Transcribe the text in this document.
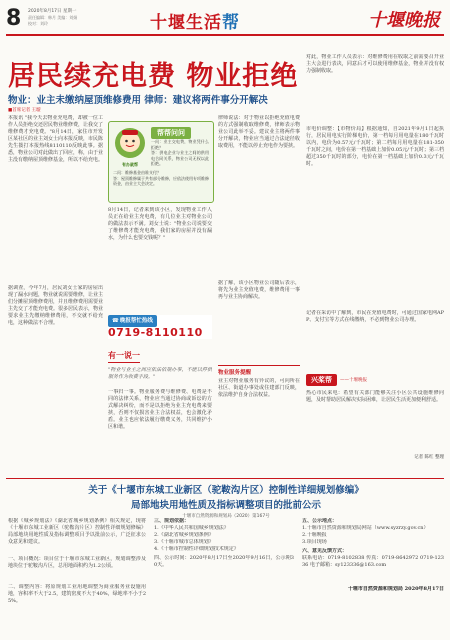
8 2020年8月17日 星期一
责任编辑：韩月 美编：刘娟
校对：刘玲	十堰生活帮	十堰晚报
居民续充电费 物业拒绝
物业：业主未缴纳屋顶维修费用 律师：建议将两件事分开解决
■首席记者 王璇
本报讯 "我今天去物业充电费，却被一位工作人员拒绝交还居民物业维修费，让我交了维修费才充电费。"8月14日，家住市开发区某社区的业主刘女士向本报反映，市民陈先生拨打本报热线8110110反映此事。据悉，物业公司对此做出了回应，称，由于业主没有缴纳屋顶维修基金，所以不给充电。
据调查，今年7月，居民刘女士家的房屋出现了漏水问题，物业就说需要维修，让业主们分摊屋顶维修费用，并且维修费用需要业主先交了才能充电费。很多居民表示，物业要求业主先缴纳维修费用，不交就不给充电，这种做法不合理。
有办就帮
帮帮问问
一问：业主交电费，物业凭什么拒绝？
答：供电企业与业主之间的供用电合同关系，物业公司无权以此拒绝。
二问：维修基金由谁支付？
答：屋顶维修属于共有部分维修，应依法使用专项维修资金，由业主大会决定。
8月14日，记者来到该小区，发现物业工作人员正在给业主充电费，有几位业主对物业公司的做法表示不满。刘女士说："物业公司说要交了维修费才能充电费，我们家的房屋并没有漏水，为什么也要交钱呢？"
☎晚报帮忙热线
0719-8110110
有一说一
"物业与业主之间应依法依规办事，不能以停供服务作为收费手段。"
一事归一事。物业服务费与维修费、电费是不同的法律关系，物业应当通过协商或诉讼的方式解决纠纷，而不是以拒绝为业主充电费来要挟，否则不仅损害业主合法权益，也会激化矛盾。业主也应依法履行缴费义务，共同维护小区和谐。
律师说法：对于物业以拒绝充值电费的方式强制收取维修费，律师表示物业公司此举不妥。建议业主将两件事分开解决，物业应当通过合法途径收取费用，不能以停止充电作为要挟。
据了解，该小区物业公司随后表示，将先为业主充值电费，维修费用一事再与业主协商解决。
物业服务提醒
业主对物业服务有异议的，可向所在社区、街道办事处或住建部门反映，依法维护自身合法权益。
对此，物业工作人员表示：对维修费用在收取之前需要召开业主大会进行表决，同意后才可以使用维修基金，物业并没有权力强制收取。
市电价调整：【市物价局】根据通知，自2021年9月1日起执行，居民用电实行阶梯电价，第一档每月用电量在180千瓦时以内，电价为0.57元/千瓦时；第二档每月用电量在181-350千瓦时之间，电价在第一档基础上加价0.05元/千瓦时；第三档超过350千瓦时的部分，电价在第一档基础上加价0.3元/千瓦时。
记者在采访中了解到，市民在充值电费时，可通过国家电网APP、支付宝等方式在线缴纳，不必到物业公司办理。
兴桨帮	——十堰晚报
热心市民来电：希望有关部门能够关注小区公共设施维修问题，及时帮助居民解决实际困难，让居民生活更加便利舒适。
记者 陈红 整理
关于《十堰市东城工业新区（驼鞍沟片区）控制性详细规划修编》
局部地块用地性质及指标调整项目的批前公示
十堰市自然资源和规划局（2020）第167号
根据《城乡规划法》《湖北省城乡规划条例》相关规定，现将《十堰市东城工业新区（驼鞍沟片区）控制性详细规划修编》局部地块用地性质及指标调整项目予以批前公示，广泛征求公众意见和建议。
一、项目概况：项目位于十堰市东城工业新区，规划调整涉及地块位于驼鞍沟片区，总用地面积约为1.2公顷。
二、调整内容：将原规划工业用地调整为商业服务业设施用地，容积率不大于2.5，建筑密度不大于40%，绿地率不小于25%。
三、规划依据：
1.《中华人民共和国城乡规划法》
2.《湖北省城乡规划条例》
3.《十堰市城市总体规划》
4.《十堰市控制性详细规划技术规定》
四、公示时间：2020年8月17日至2020年9月16日，公示期30天。
五、公示地点：
1.十堰市自然资源和规划局网站（www.syzrzy.gov.cn）
2.十堰晚报
3.项目现场
六、意见反馈方式：
联系电话：0719-8102838 传真：0719-8642972 0719-12336 电子邮箱：sy123336@163.com
十堰市自然资源和规划局 2020年8月17日
